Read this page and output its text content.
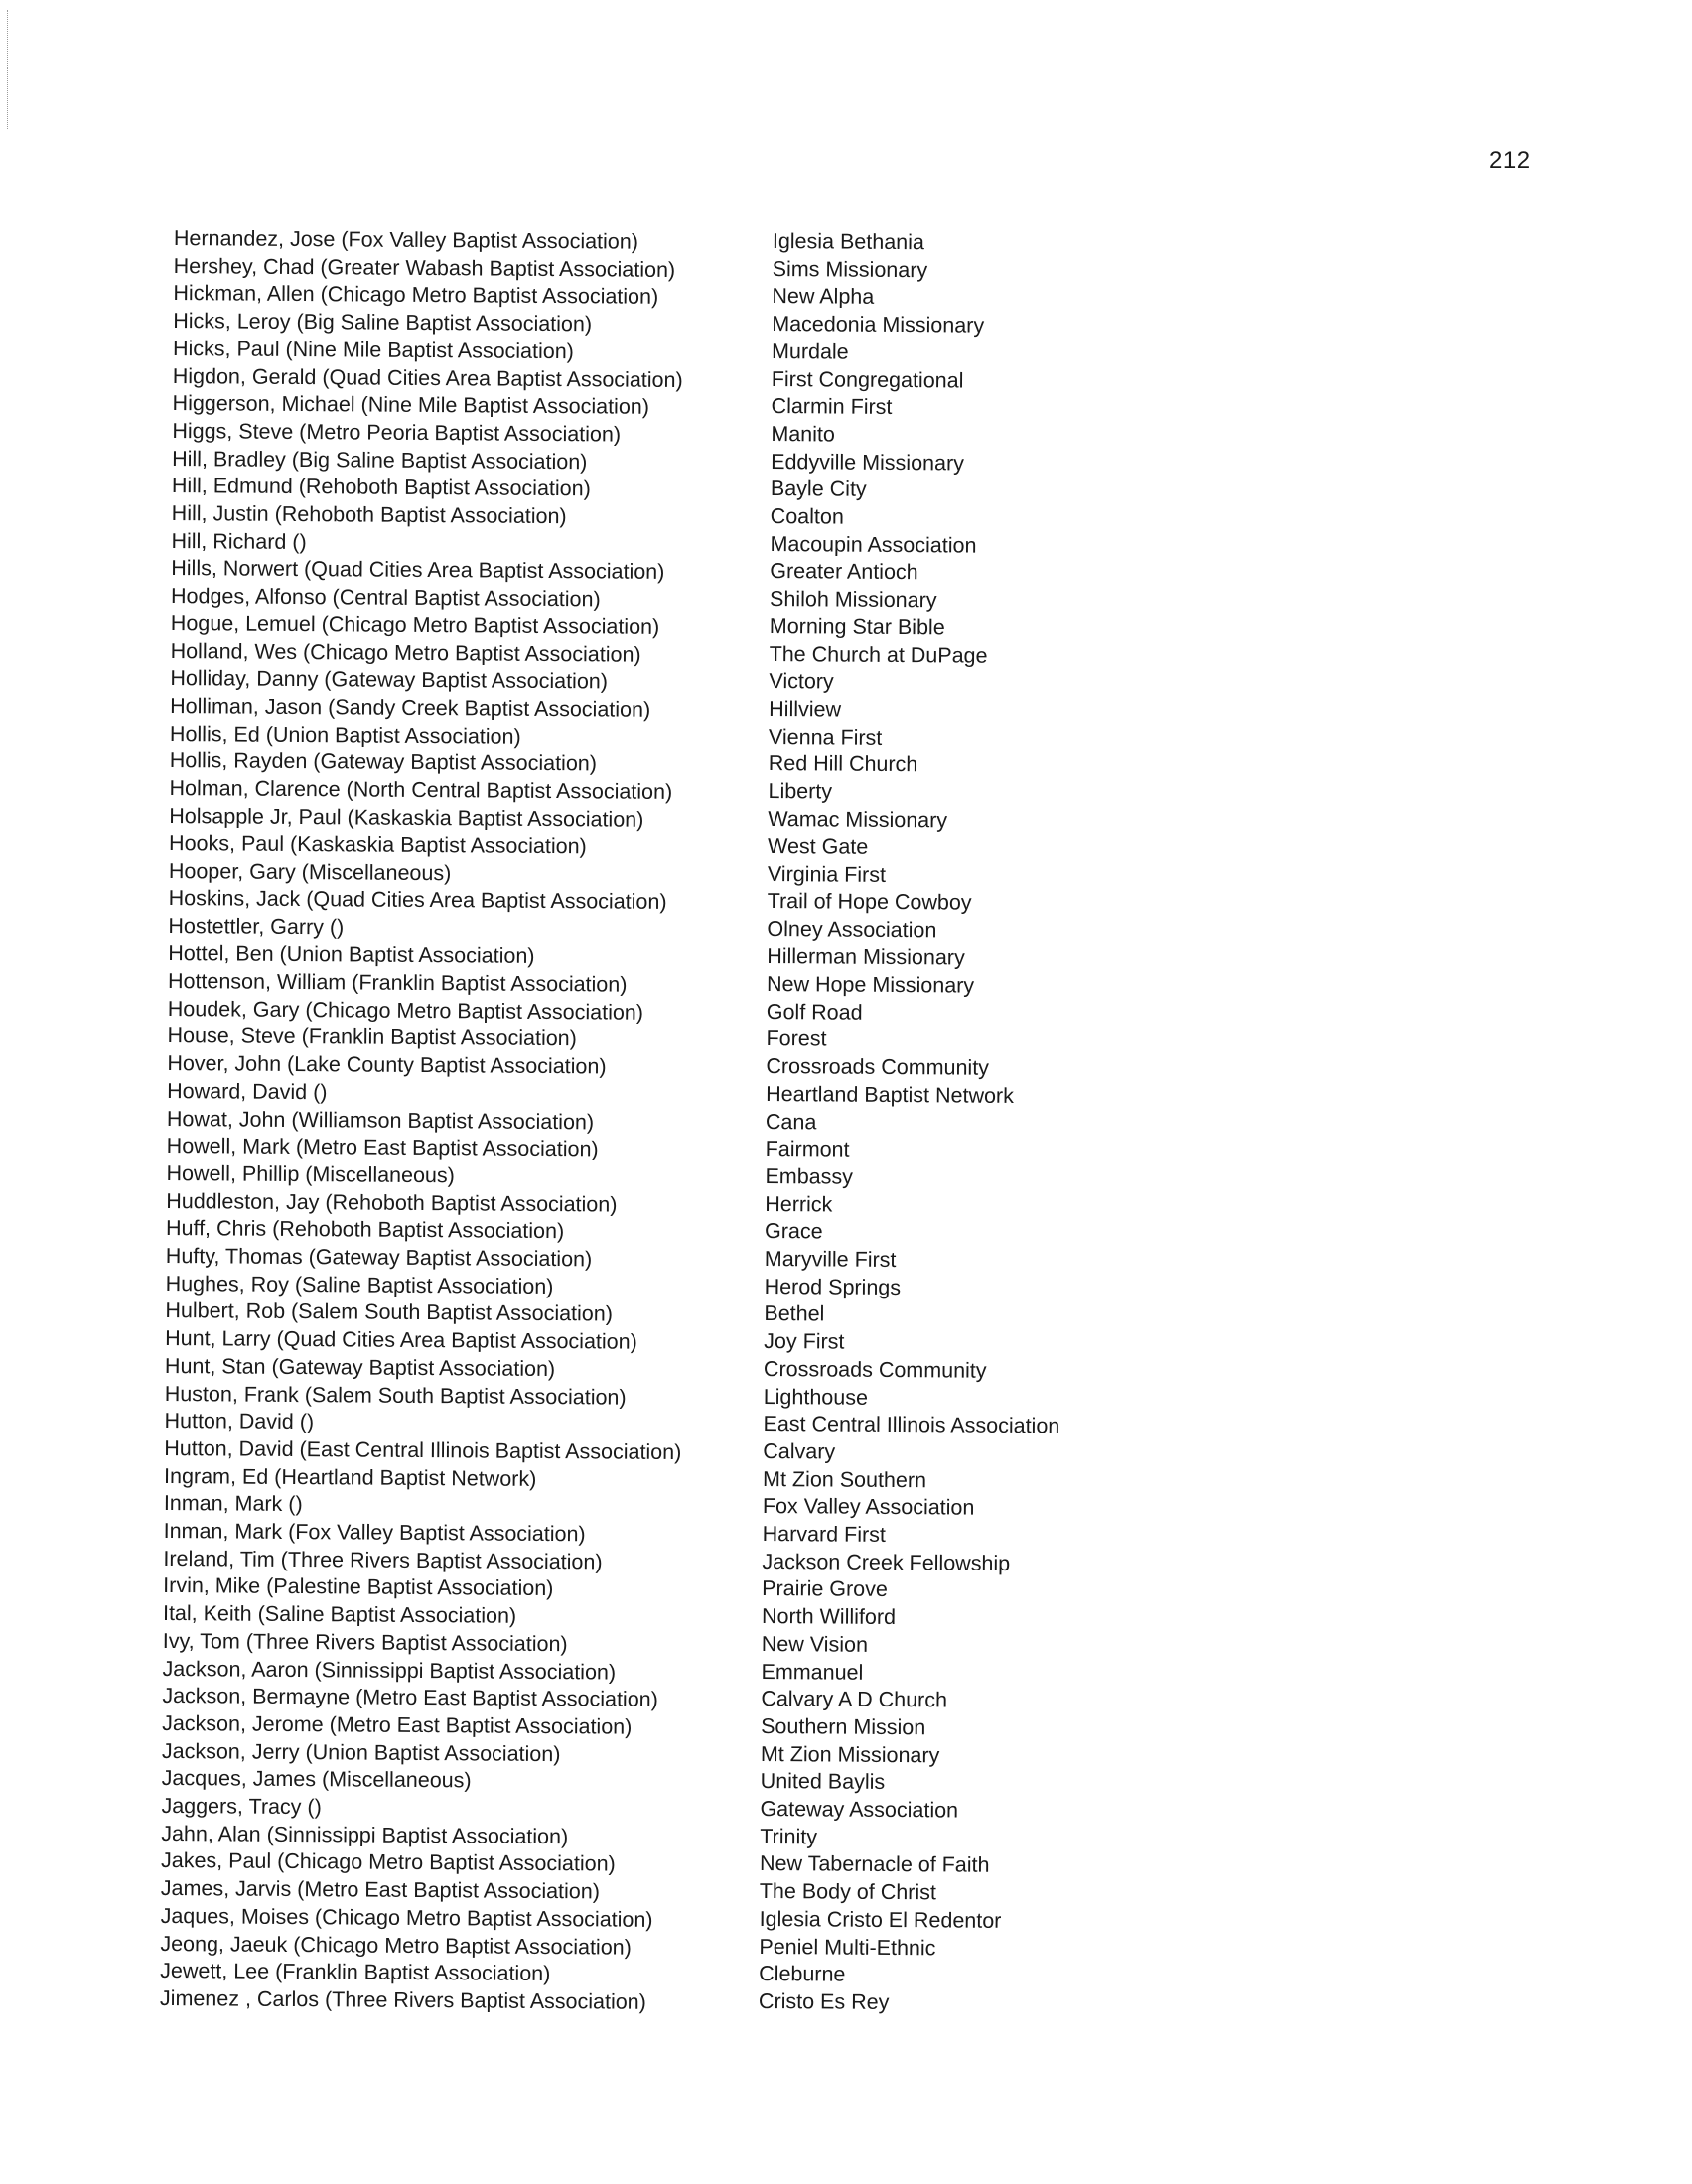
212
Hernandez, Jose (Fox Valley Baptist Association)
Hershey, Chad (Greater Wabash Baptist Association)
Hickman, Allen (Chicago Metro Baptist Association)
Hicks, Leroy (Big Saline Baptist Association)
Hicks, Paul (Nine Mile Baptist Association)
Higdon, Gerald (Quad Cities Area Baptist Association)
Higgerson, Michael (Nine Mile Baptist Association)
Higgs, Steve (Metro Peoria Baptist Association)
Hill, Bradley (Big Saline Baptist Association)
Hill, Edmund (Rehoboth Baptist Association)
Hill, Justin (Rehoboth Baptist Association)
Hill, Richard ()
Hills, Norwert (Quad Cities Area Baptist Association)
Hodges, Alfonso (Central Baptist Association)
Hogue, Lemuel (Chicago Metro Baptist Association)
Holland, Wes (Chicago Metro Baptist Association)
Holliday, Danny (Gateway Baptist Association)
Holliman, Jason (Sandy Creek Baptist Association)
Hollis, Ed (Union Baptist Association)
Hollis, Rayden (Gateway Baptist Association)
Holman, Clarence (North Central Baptist Association)
Holsapple Jr, Paul (Kaskaskia Baptist Association)
Hooks, Paul (Kaskaskia Baptist Association)
Hooper, Gary (Miscellaneous)
Hoskins, Jack (Quad Cities Area Baptist Association)
Hostettler, Garry ()
Hottel, Ben (Union Baptist Association)
Hottenson, William (Franklin Baptist Association)
Houdek, Gary (Chicago Metro Baptist Association)
House, Steve (Franklin Baptist Association)
Hover, John (Lake County Baptist Association)
Howard, David ()
Howat, John (Williamson Baptist Association)
Howell, Mark (Metro East Baptist Association)
Howell, Phillip (Miscellaneous)
Huddleston, Jay (Rehoboth Baptist Association)
Huff, Chris (Rehoboth Baptist Association)
Hufty, Thomas (Gateway Baptist Association)
Hughes, Roy (Saline Baptist Association)
Hulbert, Rob (Salem South Baptist Association)
Hunt, Larry (Quad Cities Area Baptist Association)
Hunt, Stan (Gateway Baptist Association)
Huston, Frank (Salem South Baptist Association)
Hutton, David ()
Hutton, David (East Central Illinois Baptist Association)
Ingram, Ed (Heartland Baptist Network)
Inman, Mark ()
Inman, Mark (Fox Valley Baptist Association)
Ireland, Tim (Three Rivers Baptist Association)
Irvin, Mike (Palestine Baptist Association)
Ital, Keith (Saline Baptist Association)
Ivy, Tom (Three Rivers Baptist Association)
Jackson, Aaron (Sinnissippi Baptist Association)
Jackson, Bermayne (Metro East Baptist Association)
Jackson, Jerome (Metro East Baptist Association)
Jackson, Jerry (Union Baptist Association)
Jacques, James (Miscellaneous)
Jaggers, Tracy ()
Jahn, Alan (Sinnissippi Baptist Association)
Jakes, Paul (Chicago Metro Baptist Association)
James, Jarvis (Metro East Baptist Association)
Jaques, Moises (Chicago Metro Baptist Association)
Jeong, Jaeuk (Chicago Metro Baptist Association)
Jewett, Lee (Franklin Baptist Association)
Jimenez , Carlos (Three Rivers Baptist Association)
Iglesia Bethania
Sims Missionary
New Alpha
Macedonia Missionary
Murdale
First Congregational
Clarmin First
Manito
Eddyville Missionary
Bayle City
Coalton
Macoupin Association
Greater Antioch
Shiloh Missionary
Morning Star Bible
The Church at DuPage
Victory
Hillview
Vienna First
Red Hill Church
Liberty
Wamac Missionary
West Gate
Virginia First
Trail of Hope Cowboy
Olney Association
Hillerman Missionary
New Hope Missionary
Golf Road
Forest
Crossroads Community
Heartland Baptist Network
Cana
Fairmont
Embassy
Herrick
Grace
Maryville First
Herod Springs
Bethel
Joy First
Crossroads Community
Lighthouse
East Central Illinois Association
Calvary
Mt Zion Southern
Fox Valley Association
Harvard First
Jackson Creek Fellowship
Prairie Grove
North Williford
New Vision
Emmanuel
Calvary A D Church
Southern Mission
Mt Zion Missionary
United Baylis
Gateway Association
Trinity
New Tabernacle of Faith
The Body of Christ
Iglesia Cristo El Redentor
Peniel Multi-Ethnic
Cleburne
Cristo Es Rey
